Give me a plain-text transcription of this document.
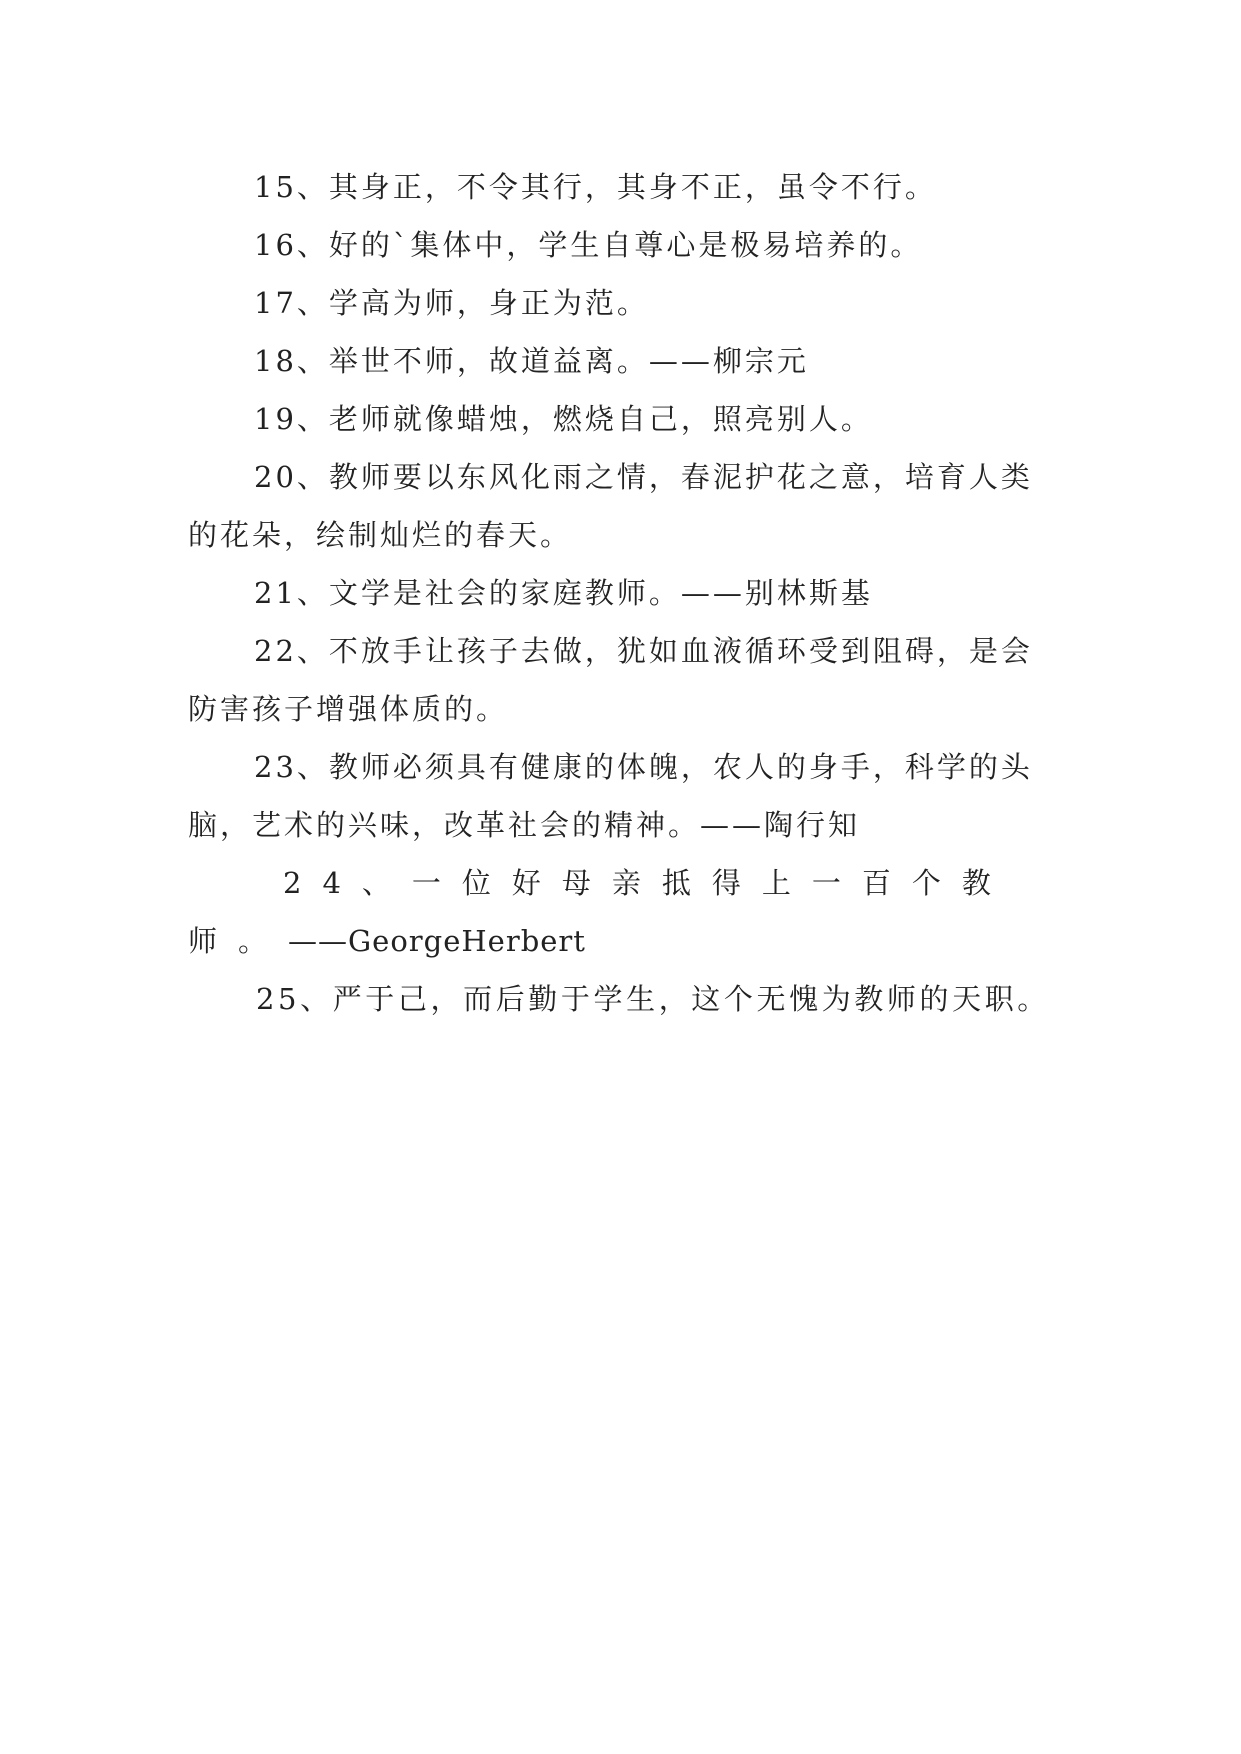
15、其身正，不令其行，其身不正，虽令不行。

16、好的`集体中，学生自尊心是极易培养的。

17、学高为师，身正为范。

18、举世不师，故道益离。——柳宗元

19、老师就像蜡烛，燃烧自己，照亮别人。

20、教师要以东风化雨之情，春泥护花之意，培育人类的花朵，绘制灿烂的春天。

21、文学是社会的家庭教师。——别林斯基

22、不放手让孩子去做，犹如血液循环受到阻碍，是会防害孩子增强体质的。

23、教师必须具有健康的体魄，农人的身手，科学的头脑，艺术的兴味，改革社会的精神。——陶行知

24、一位好母亲抵得上一百个教师。——GeorgeHerbert

25、严于己，而后勤于学生，这个无愧为教师的天职。
